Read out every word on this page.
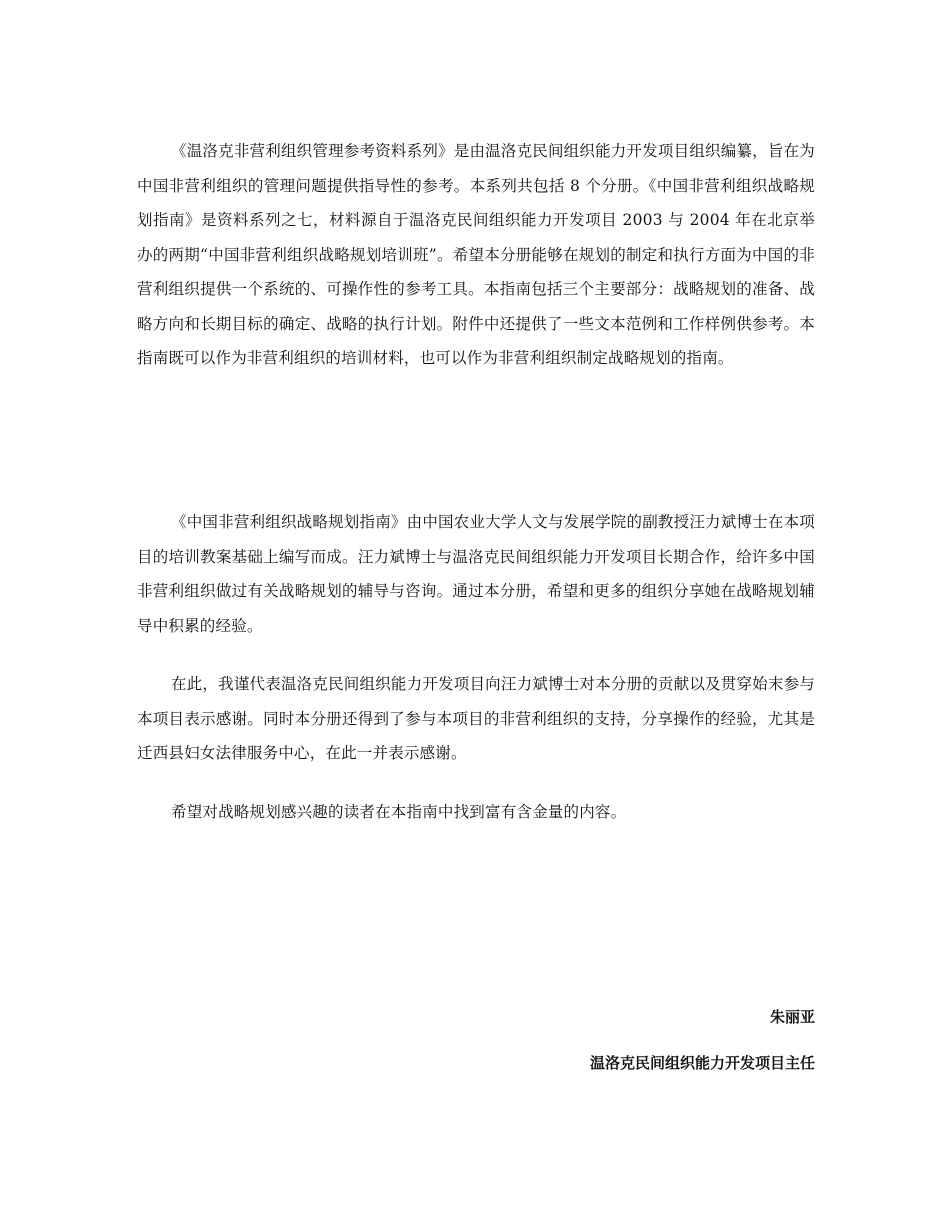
《温洛克非营利组织管理参考资料系列》是由温洛克民间组织能力开发项目组织编纂，旨在为中国非营利组织的管理问题提供指导性的参考。本系列共包括 8 个分册。《中国非营利组织战略规划指南》是资料系列之七，材料源自于温洛克民间组织能力开发项目 2003 与 2004 年在北京举办的两期“中国非营利组织战略规划培训班”。希望本分册能够在规划的制定和执行方面为中国的非营利组织提供一个系统的、可操作性的参考工具。本指南包括三个主要部分：战略规划的准备、战略方向和长期目标的确定、战略的执行计划。附件中还提供了一些文本范例和工作样例供参考。本指南既可以作为非营利组织的培训材料，也可以作为非营利组织制定战略规划的指南。

《中国非营利组织战略规划指南》由中国农业大学人文与发展学院的副教授汪力斌博士在本项目的培训教案基础上编写而成。汪力斌博士与温洛克民间组织能力开发项目长期合作，给许多中国非营利组织做过有关战略规划的辅导与咨询。通过本分册，希望和更多的组织分享她在战略规划辅导中积累的经验。

在此，我谨代表温洛克民间组织能力开发项目向汪力斌博士对本分册的贡献以及贯穿始末参与本项目表示感谢。同时本分册还得到了参与本项目的非营利组织的支持，分享操作的经验，尤其是迁西县妇女法律服务中心，在此一并表示感谢。

希望对战略规划感兴趣的读者在本指南中找到富有含金量的内容。

朱丽亚
温洛克民间组织能力开发项目主任
